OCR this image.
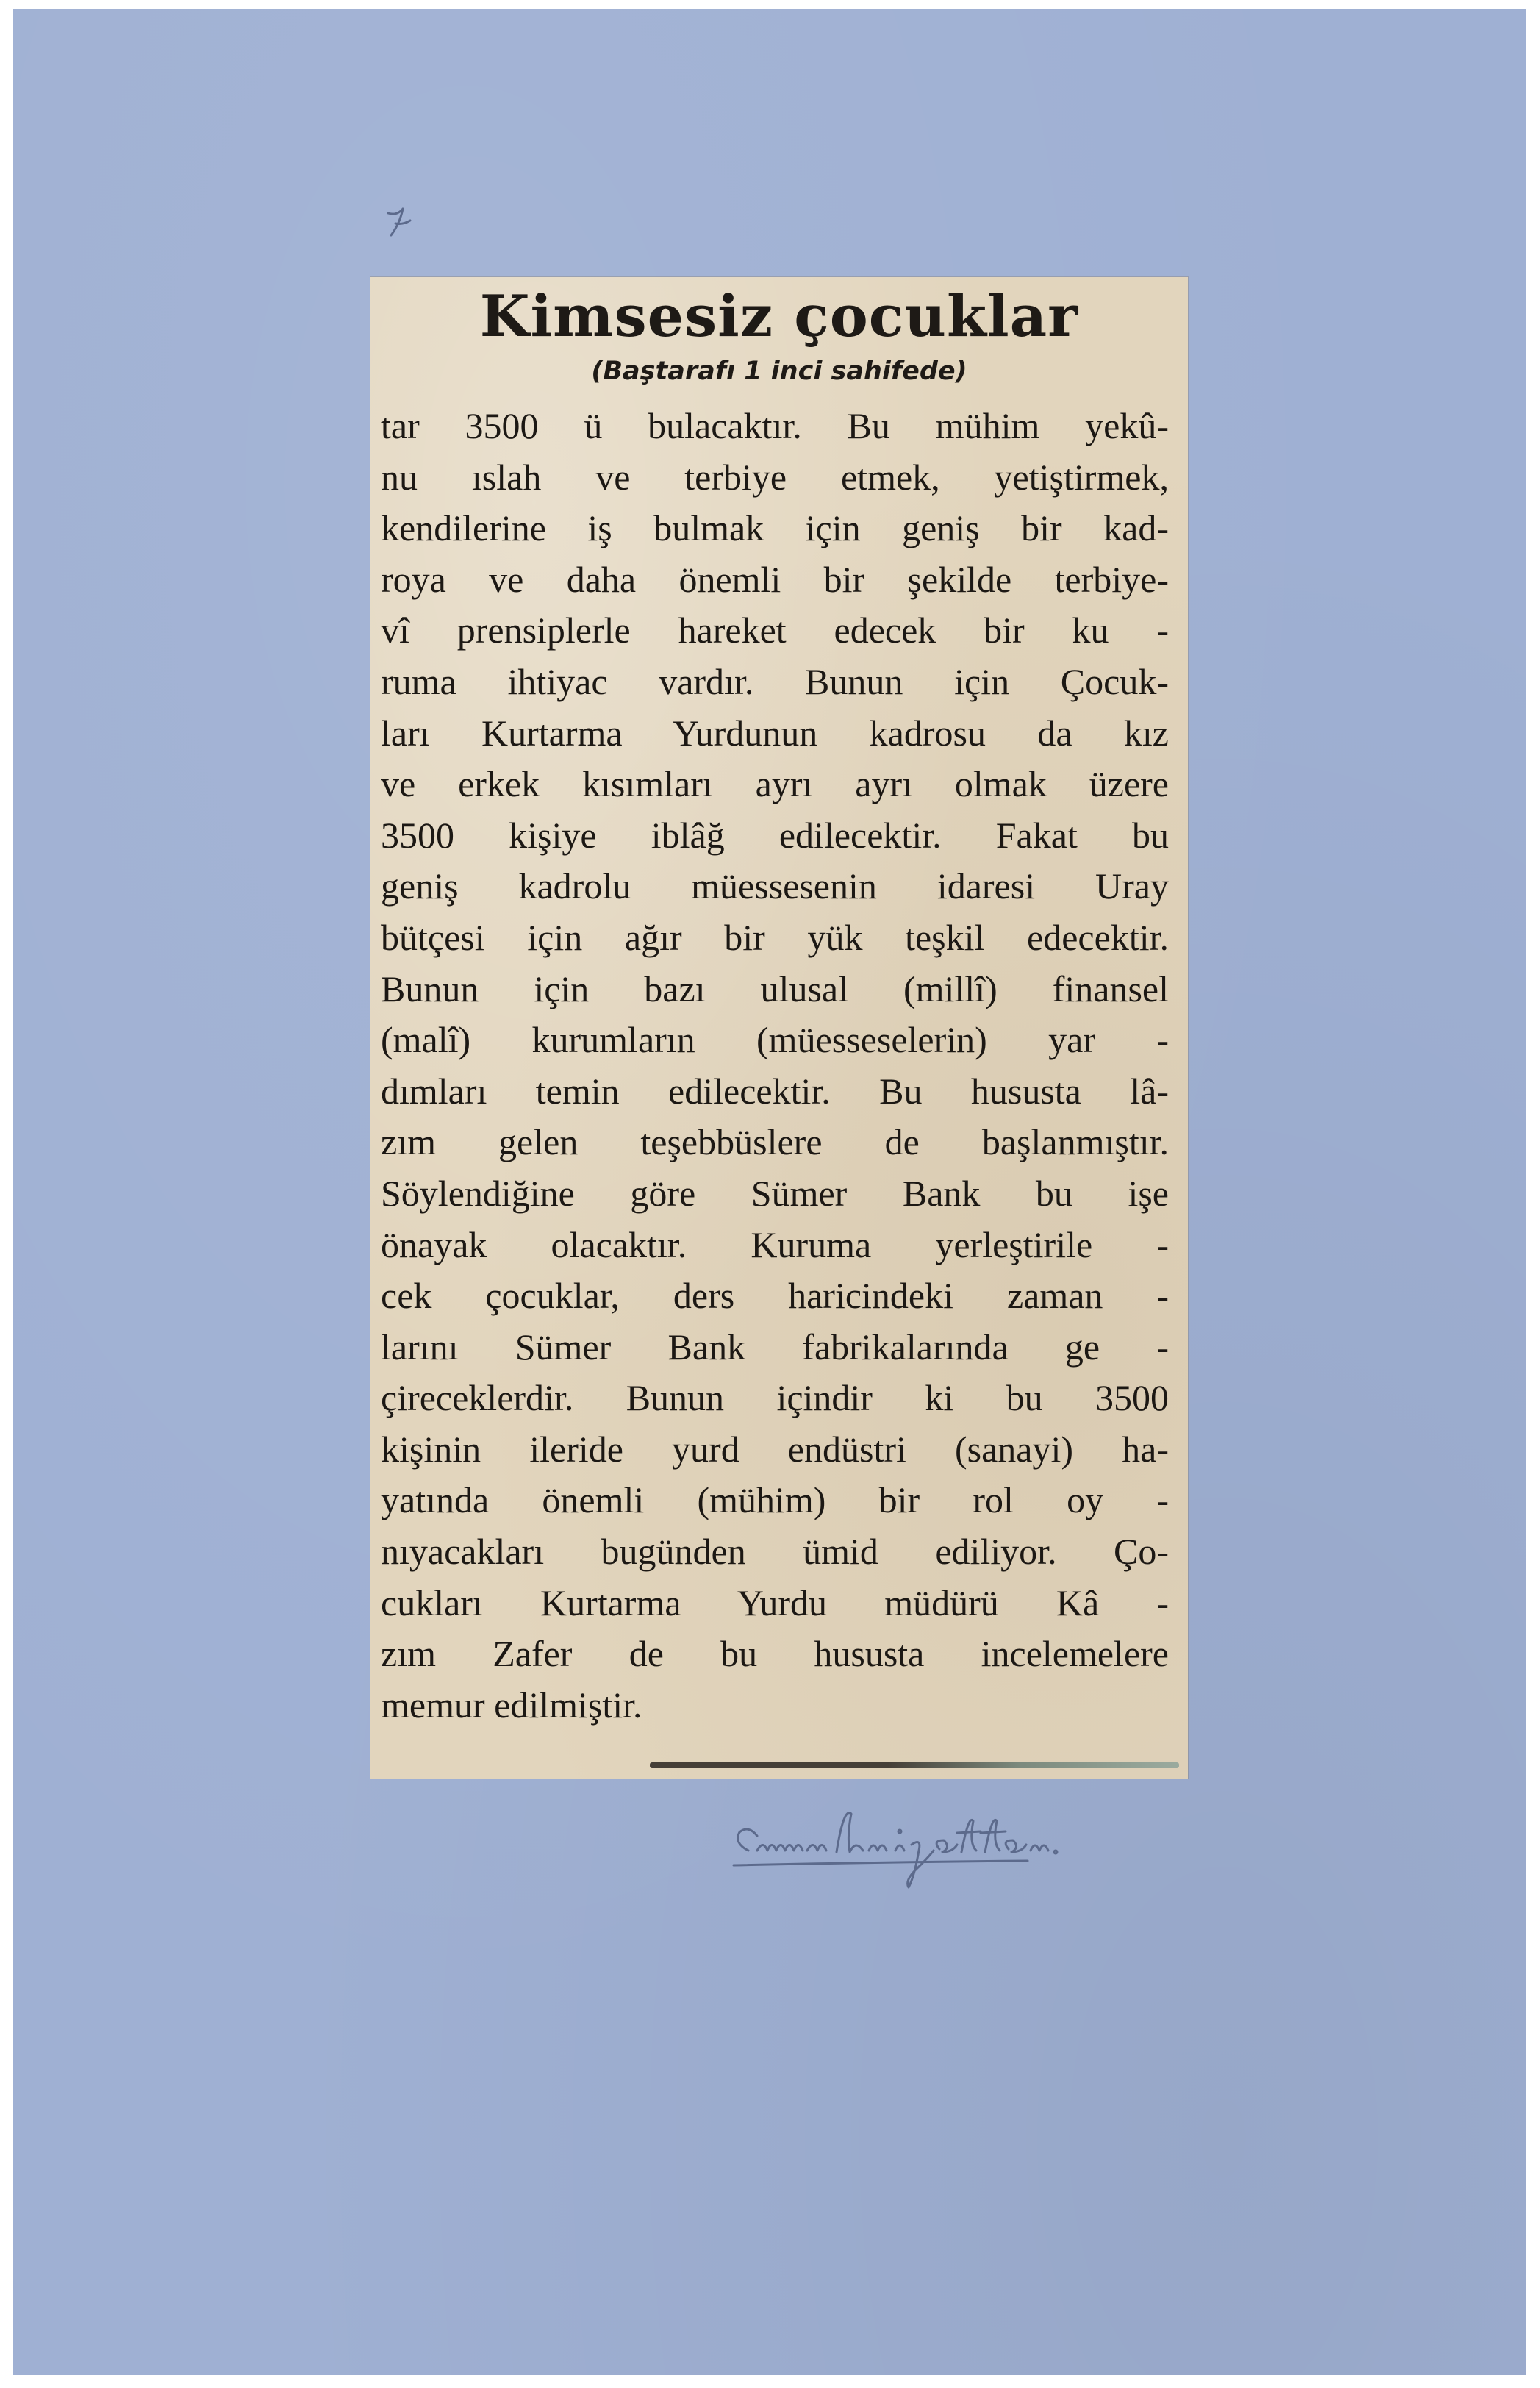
Kimsesiz çocuklar
(Baştarafı 1 inci sahifede)
tar 3500 ü bulacaktır. Bu mühim yekû-
nu ıslah ve terbiye etmek, yetiştirmek,
kendilerine iş bulmak için geniş bir kad-
roya ve daha önemli bir şekilde terbiye-
vî prensiplerle hareket edecek bir ku -
ruma ihtiyac vardır. Bunun için Çocuk-
ları Kurtarma Yurdunun kadrosu da kız
ve erkek kısımları ayrı ayrı olmak üzere
3500 kişiye iblâğ edilecektir. Fakat bu
geniş kadrolu müessesenin idaresi Uray
bütçesi için ağır bir yük teşkil edecektir.
Bunun için bazı ulusal (millî) finansel
(malî) kurumların (müesseselerin) yar -
dımları temin edilecektir. Bu hususta lâ-
zım gelen teşebbüslere de başlanmıştır.
Söylendiğine göre Sümer Bank bu işe
önayak olacaktır. Kuruma yerleştirile -
cek çocuklar, ders haricindeki zaman -
larını Sümer Bank fabrikalarında ge -
çireceklerdir. Bunun içindir ki bu 3500
kişinin ileride yurd endüstri (sanayi) ha-
yatında önemli (mühim) bir rol oy -
nıyacakları bugünden ümid ediliyor. Ço-
cukları Kurtarma Yurdu müdürü Kâ -
zım Zafer de bu hususta incelemelere
memur edilmiştir.
